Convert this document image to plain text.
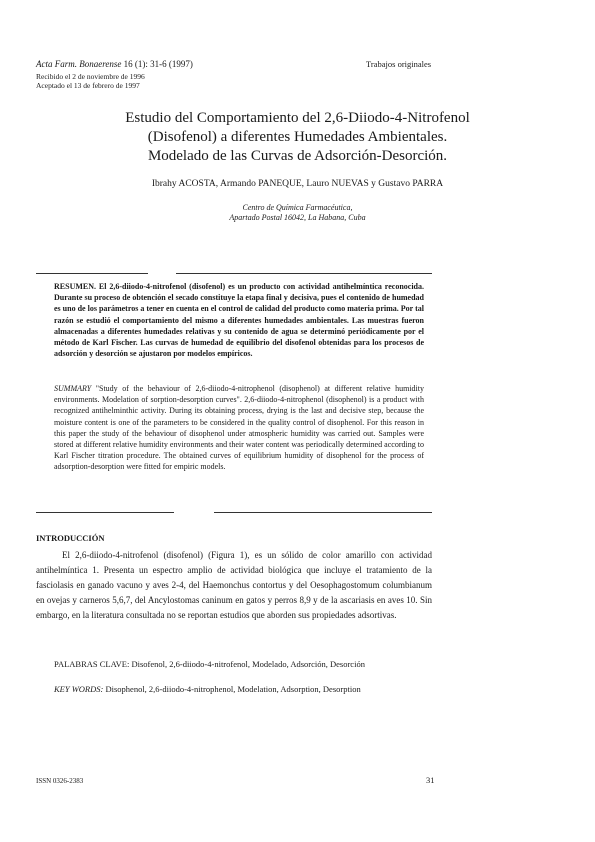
Acta Farm. Bonaerense 16 (1): 31-6 (1997)	Trabajos originales
Recibido el 2 de noviembre de 1996
Aceptado el 13 de febrero de 1997
Estudio del Comportamiento del 2,6-Diiodo-4-Nitrofenol
(Disofenol) a diferentes Humedades Ambientales.
Modelado de las Curvas de Adsorción-Desorción.
Ibrahy ACOSTA, Armando PANEQUE, Lauro NUEVAS y Gustavo PARRA
Centro de Química Farmacéutica,
Apartado Postal 16042, La Habana, Cuba
RESUMEN. El 2,6-diiodo-4-nitrofenol (disofenol) es un producto con actividad antihelmíntica reconocida. Durante su proceso de obtención el secado constituye la etapa final y decisiva, pues el contenido de humedad es uno de los parámetros a tener en cuenta en el control de calidad del producto como materia prima. Por tal razón se estudió el comportamiento del mismo a diferentes humedades ambientales. Las muestras fueron almacenadas a diferentes humedades relativas y su contenido de agua se determinó periódicamente por el método de Karl Fischer. Las curvas de humedad de equilibrio del disofenol obtenidas para los procesos de adsorción y desorción se ajustaron por modelos empíricos.
SUMMARY "Study of the behaviour of 2,6-diiodo-4-nitrophenol (disophenol) at different relative humidity environments. Modelation of sorption-desorption curves". 2,6-diiodo-4-nitrophenol (disophenol) is a product with recognized antihelminthic activity. During its obtaining process, drying is the last and decisive step, because the moisture content is one of the parameters to be considered in the quality control of disophenol. For this reason in this paper the study of the behaviour of disophenol under atmospheric humidity was carried out. Samples were stored at different relative humidity environments and their water content was periodically determined according to Karl Fischer titration procedure. The obtained curves of equilibrium humidity of disophenol for the process of adsorption-desorption were fitted for empiric models.
INTRODUCCIÓN
El 2,6-diiodo-4-nitrofenol (disofenol) (Figura 1), es un sólido de color amarillo con actividad antihelmíntica 1. Presenta un espectro amplio de actividad biológica que incluye el tratamiento de la fasciolasis en ganado vacuno y aves 2-4, del Haemonchus contortus y del Oesophagostomum columbianum en ovejas y carneros 5,6,7, del Ancylostomas caninum en gatos y perros 8,9 y de la ascariasis en aves 10. Sin embargo, en la literatura consultada no se reportan estudios que aborden sus propiedades adsortivas.
PALABRAS CLAVE: Disofenol, 2,6-diiodo-4-nitrofenol, Modelado, Adsorción, Desorción
KEY WORDS: Disophenol, 2,6-diiodo-4-nitrophenol, Modelation, Adsorption, Desorption
ISSN 0326-2383	31
